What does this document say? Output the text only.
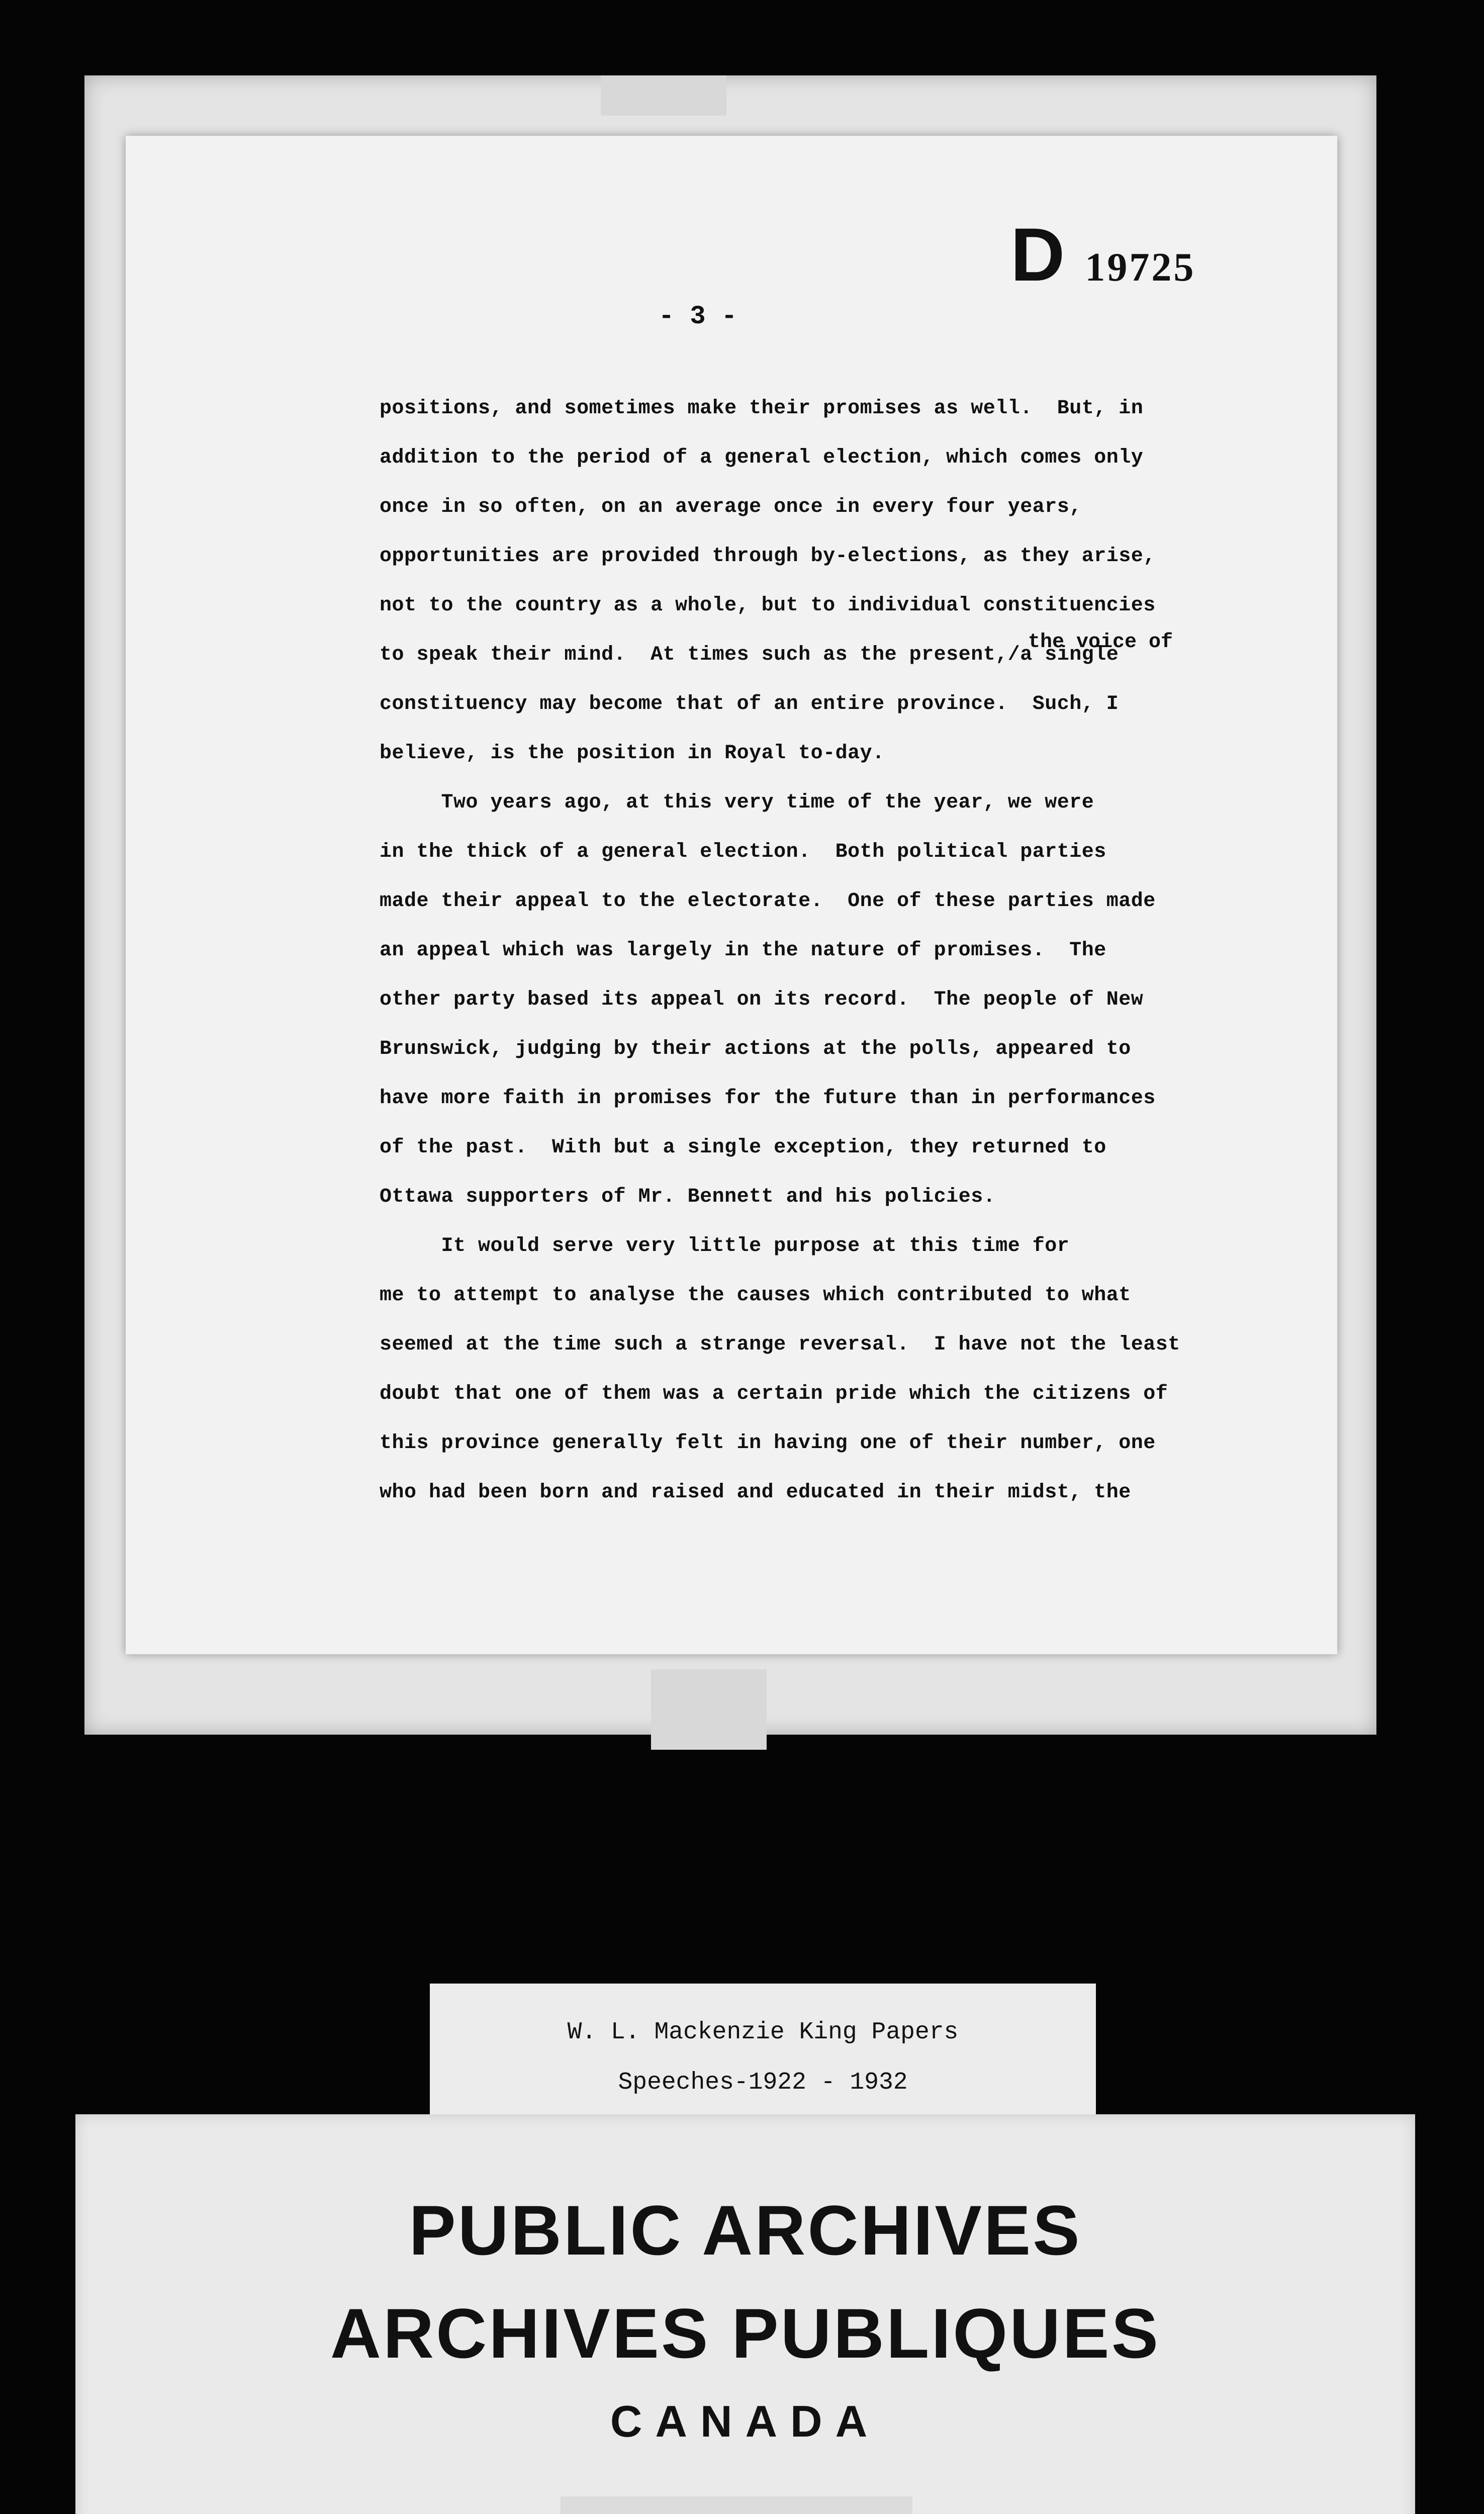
D 19725
- 3 -
the voice of
positions, and sometimes make their promises as well.  But, in
addition to the period of a general election, which comes only
once in so often, on an average once in every four years,
opportunities are provided through by-elections, as they arise,
not to the country as a whole, but to individual constituencies
to speak their mind.  At times such as the present,/a single
constituency may become that of an entire province.  Such, I
believe, is the position in Royal to-day.
Two years ago, at this very time of the year, we were
in the thick of a general election.  Both political parties
made their appeal to the electorate.  One of these parties made
an appeal which was largely in the nature of promises.  The
other party based its appeal on its record.  The people of New
Brunswick, judging by their actions at the polls, appeared to
have more faith in promises for the future than in performances
of the past.  With but a single exception, they returned to
Ottawa supporters of Mr. Bennett and his policies.
It would serve very little purpose at this time for
me to attempt to analyse the causes which contributed to what
seemed at the time such a strange reversal.  I have not the least
doubt that one of them was a certain pride which the citizens of
this province generally felt in having one of their number, one
who had been born and raised and educated in their midst, the
W. L. Mackenzie King Papers
Speeches-1922 - 1932
PUBLIC ARCHIVES
ARCHIVES PUBLIQUES
CANADA
